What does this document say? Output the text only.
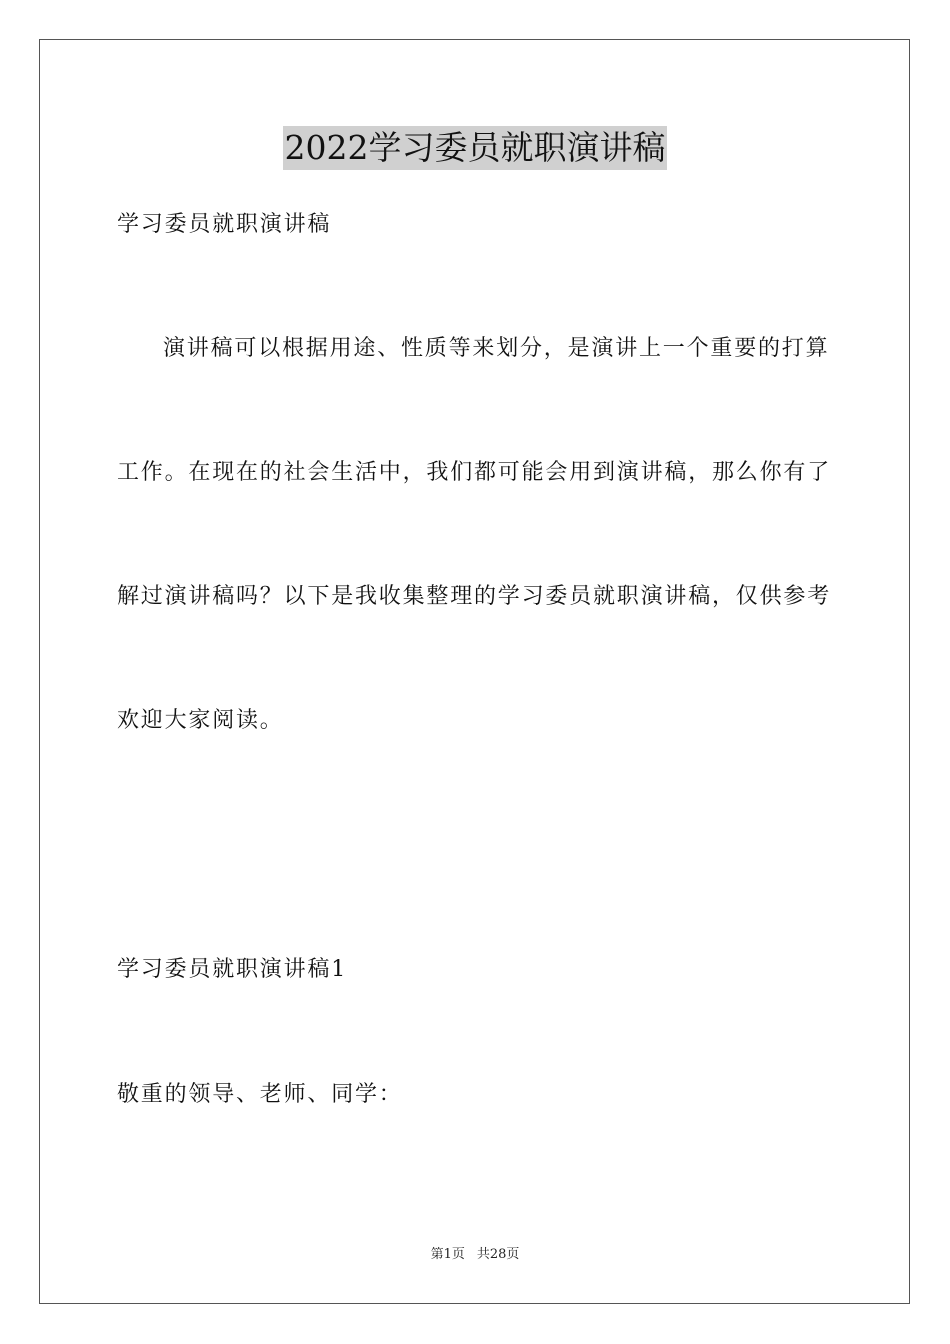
2022学习委员就职演讲稿
学习委员就职演讲稿
演讲稿可以根据用途、性质等来划分，是演讲上一个重要的打算
工作。在现在的社会生活中，我们都可能会用到演讲稿，那么你有了
解过演讲稿吗？以下是我收集整理的学习委员就职演讲稿，仅供参考
欢迎大家阅读。
学习委员就职演讲稿1
敬重的领导、老师、同学：
第1页 共28页
